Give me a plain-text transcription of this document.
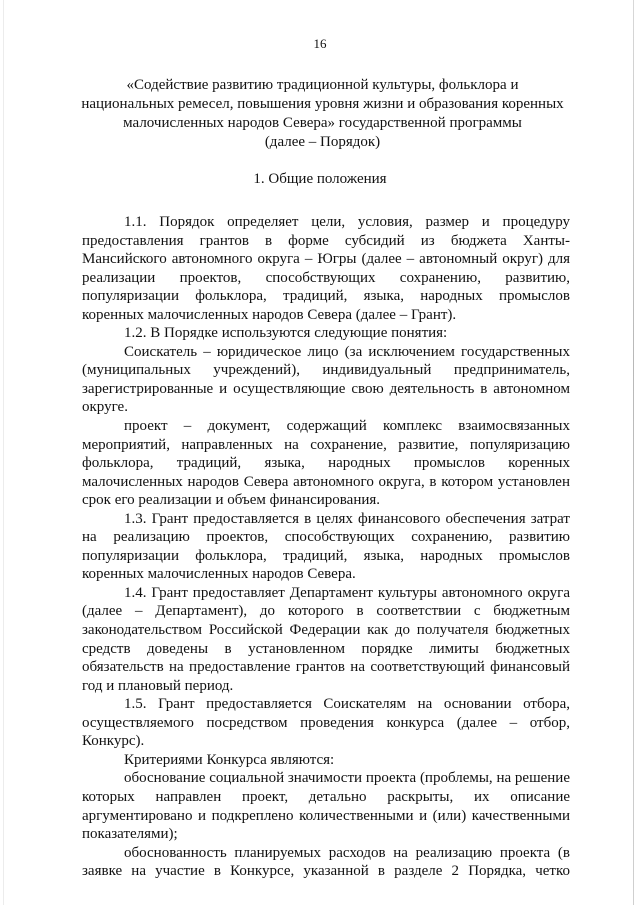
16
«Содействие развитию традиционной культуры, фольклора и
национальных ремесел, повышения уровня жизни и образования коренных
малочисленных народов Севера» государственной программы
(далее – Порядок)
1. Общие положения
1.1. Порядок определяет цели, условия, размер и процедуру
предоставления грантов в форме субсидий из бюджета Ханты-
Мансийского автономного округа – Югры (далее – автономный округ) для
реализации проектов, способствующих сохранению, развитию,
популяризации фольклора, традиций, языка, народных промыслов
коренных малочисленных народов Севера (далее – Грант).
1.2. В Порядке используются следующие понятия:
Соискатель – юридическое лицо (за исключением государственных
(муниципальных учреждений), индивидуальный предприниматель,
зарегистрированные и осуществляющие свою деятельность в автономном
округе.
проект – документ, содержащий комплекс взаимосвязанных
мероприятий, направленных на сохранение, развитие, популяризацию
фольклора, традиций, языка, народных промыслов коренных
малочисленных народов Севера автономного округа, в котором установлен
срок его реализации и объем финансирования.
1.3. Грант предоставляется в целях финансового обеспечения затрат
на реализацию проектов, способствующих сохранению, развитию
популяризации фольклора, традиций, языка, народных промыслов
коренных малочисленных народов Севера.
1.4. Грант предоставляет Департамент культуры автономного округа
(далее – Департамент), до которого в соответствии с бюджетным
законодательством Российской Федерации как до получателя бюджетных
средств доведены в установленном порядке лимиты бюджетных
обязательств на предоставление грантов на соответствующий финансовый
год и плановый период.
1.5. Грант предоставляется Соискателям на основании отбора,
осуществляемого посредством проведения конкурса (далее – отбор,
Конкурс).
Критериями Конкурса являются:
обоснование социальной значимости проекта (проблемы, на решение
которых направлен проект, детально раскрыты, их описание
аргументировано и подкреплено количественными и (или) качественными
показателями);
обоснованность планируемых расходов на реализацию проекта (в
заявке на участие в Конкурсе, указанной в разделе 2 Порядка, четко
